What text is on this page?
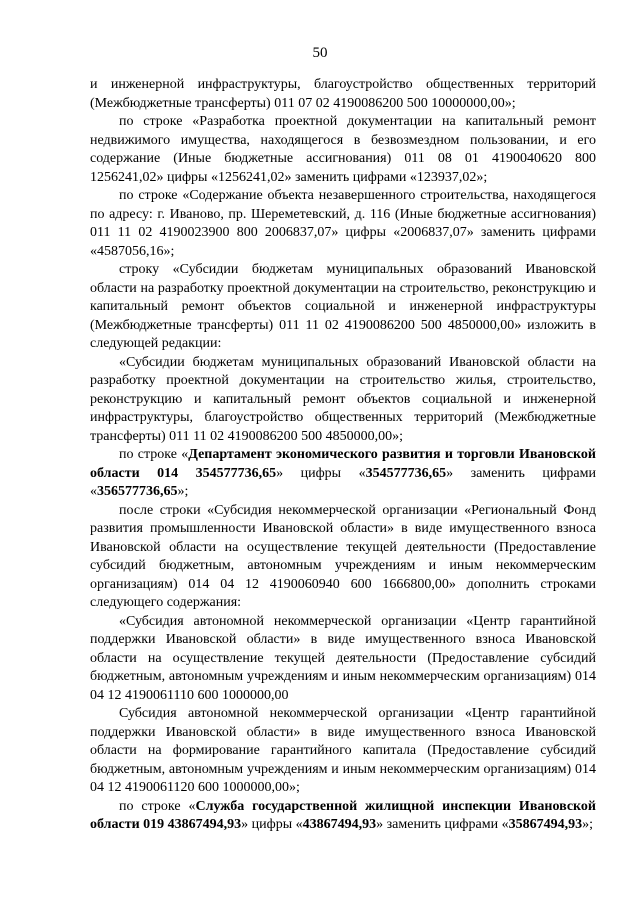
50

и инженерной инфраструктуры, благоустройство общественных территорий (Межбюджетные трансферты) 011 07 02 4190086200 500 10000000,00»;

по строке «Разработка проектной документации на капитальный ремонт недвижимого имущества, находящегося в безвозмездном пользовании, и его содержание (Иные бюджетные ассигнования) 011 08 01 4190040620 800 1256241,02» цифры «1256241,02» заменить цифрами «123937,02»;

по строке «Содержание объекта незавершенного строительства, находящегося по адресу: г. Иваново, пр. Шереметевский, д. 116 (Иные бюджетные ассигнования) 011 11 02 4190023900 800 2006837,07» цифры «2006837,07» заменить цифрами «4587056,16»;

строку «Субсидии бюджетам муниципальных образований Ивановской области на разработку проектной документации на строительство, реконструкцию и капитальный ремонт объектов социальной и инженерной инфраструктуры (Межбюджетные трансферты) 011 11 02 4190086200 500 4850000,00» изложить в следующей редакции:

«Субсидии бюджетам муниципальных образований Ивановской области на разработку проектной документации на строительство жилья, строительство, реконструкцию и капитальный ремонт объектов социальной и инженерной инфраструктуры, благоустройство общественных территорий (Межбюджетные трансферты) 011 11 02 4190086200 500 4850000,00»;

по строке «Департамент экономического развития и торговли Ивановской области 014 354577736,65» цифры «354577736,65» заменить цифрами «356577736,65»;

после строки «Субсидия некоммерческой организации «Региональный Фонд развития промышленности Ивановской области» в виде имущественного взноса Ивановской области на осуществление текущей деятельности (Предоставление субсидий бюджетным, автономным учреждениям и иным некоммерческим организациям) 014 04 12 4190060940 600 1666800,00» дополнить строками следующего содержания:

«Субсидия автономной некоммерческой организации «Центр гарантийной поддержки Ивановской области» в виде имущественного взноса Ивановской области на осуществление текущей деятельности (Предоставление субсидий бюджетным, автономным учреждениям и иным некоммерческим организациям) 014 04 12 4190061110 600 1000000,00

Субсидия автономной некоммерческой организации «Центр гарантийной поддержки Ивановской области» в виде имущественного взноса Ивановской области на формирование гарантийного капитала (Предоставление субсидий бюджетным, автономным учреждениям и иным некоммерческим организациям) 014 04 12 4190061120 600 1000000,00»;

по строке «Служба государственной жилищной инспекции Ивановской области 019 43867494,93» цифры «43867494,93» заменить цифрами «35867494,93»;
